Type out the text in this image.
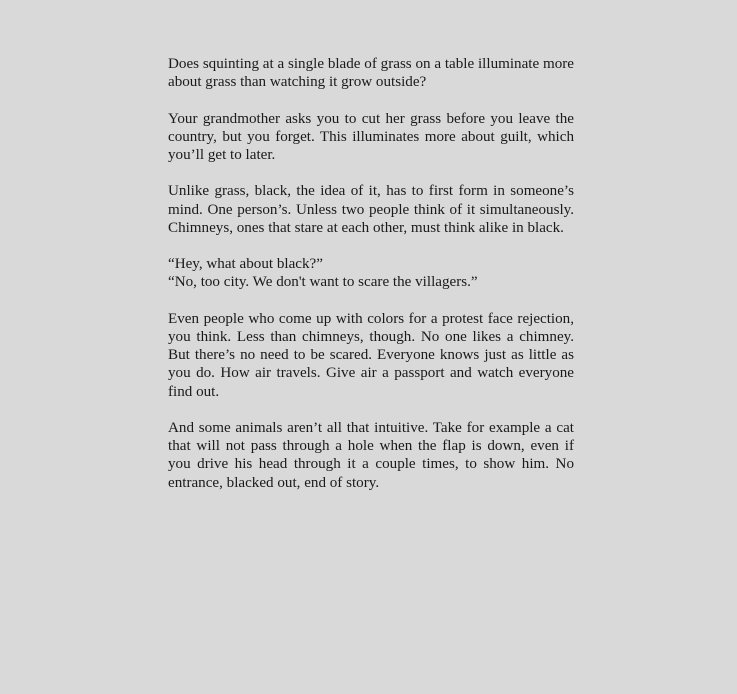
Does squinting at a single blade of grass on a table illuminate more about grass than watching it grow outside?

Your grandmother asks you to cut her grass before you leave the country, but you forget. This illuminates more about guilt, which you’ll get to later.

Unlike grass, black, the idea of it, has to first form in someone’s mind. One person’s. Unless two people think of it simultaneously. Chimneys, ones that stare at each other, must think alike in black.

“Hey, what about black?”
“No, too city. We don't want to scare the villagers.”

Even people who come up with colors for a protest face rejection, you think. Less than chimneys, though. No one likes a chimney. But there’s no need to be scared. Everyone knows just as little as you do. How air travels. Give air a passport and watch everyone find out.

And some animals aren’t all that intuitive. Take for example a cat that will not pass through a hole when the flap is down, even if you drive his head through it a couple times, to show him. No entrance, blacked out, end of story.
